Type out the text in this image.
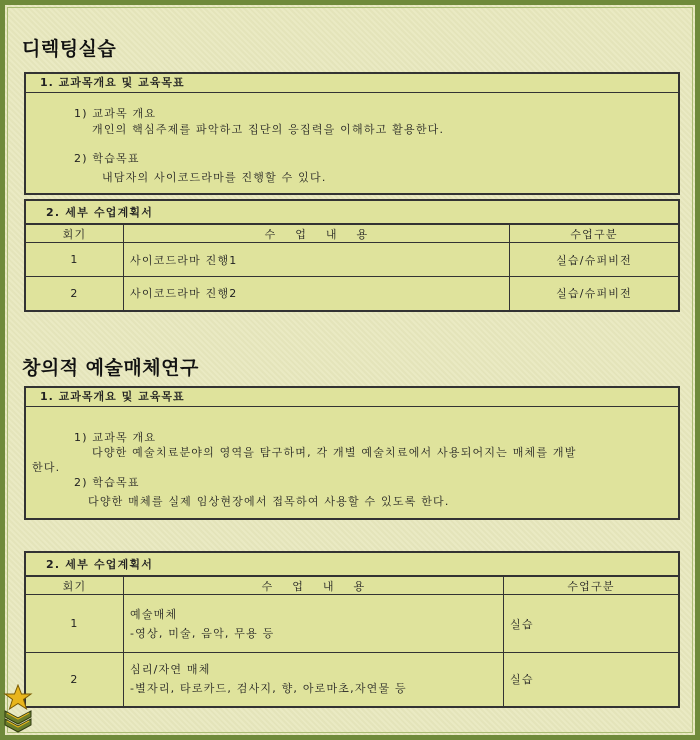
디렉팅실습
1. 교과목개요 및 교육목표
1) 교과목 개요
개인의 핵심주제를 파악하고 집단의 응집력을 이해하고 활용한다.
2) 학습목표
내담자의 사이코드라마를 진행할 수 있다.
2. 세부 수업계획서		
회기	수    업    내    용	수업구분
1	사이코드라마 진행1	실습/슈퍼비전
2	사이코드라마 진행2	실습/슈퍼비전
창의적 예술매체연구
1. 교과목개요 및 교육목표
1) 교과목 개요
다양한 예술치료분야의 영역을 탐구하며, 각 개별 예술치료에서 사용되어지는 매체를 개발
한다.
2) 학습목표
다양한 매체를 실제 임상현장에서 접목하여 사용할 수 있도록 한다.
2. 세부 수업계획서		
회기	수    업    내    용	수업구분
1	예술매체
-영상, 미술, 음악, 무용 등	실습
2	심리/자연 매체
-별자리, 타로카드, 검사지, 향, 아로마초,자연물 등	실습
